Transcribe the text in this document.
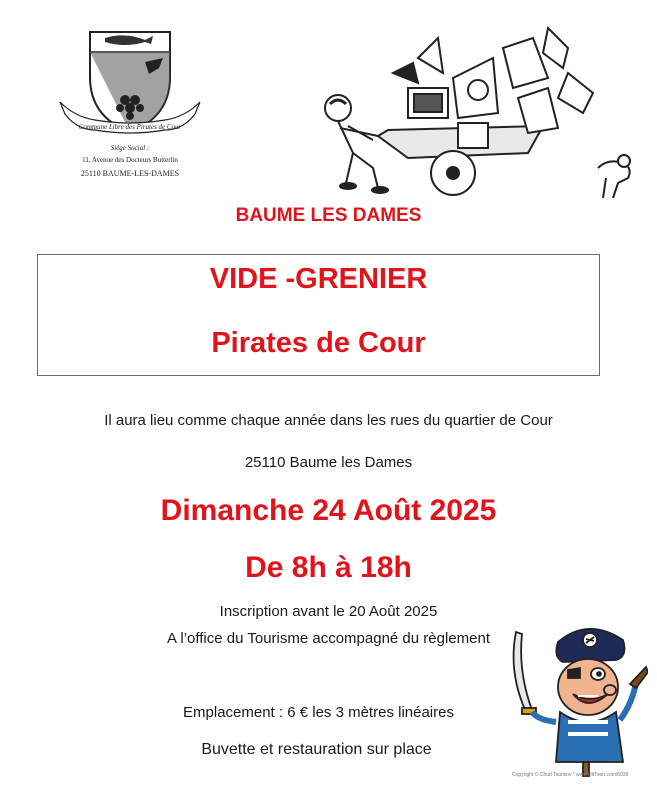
Commune Libre des Pirates de Cour
Siège Social :
11, Avenue des Docteurs Butterlin
25110 BAUME-LES-DAMES
BAUME LES DAMES
VIDE -GRENIER
Pirates de Cour
Il aura lieu comme chaque année dans les rues du quartier de Cour
25110 Baume les Dames
Dimanche 24 Août 2025
De 8h à 18h
Inscription avant le 20 Août 2025
A l’office du Tourisme accompagné du règlement
Emplacement : 6 € les 3 mètres linéaires
Buvette et restauration sur place
Copyright © Chud Tsankov * www.HitToon.com/5039
